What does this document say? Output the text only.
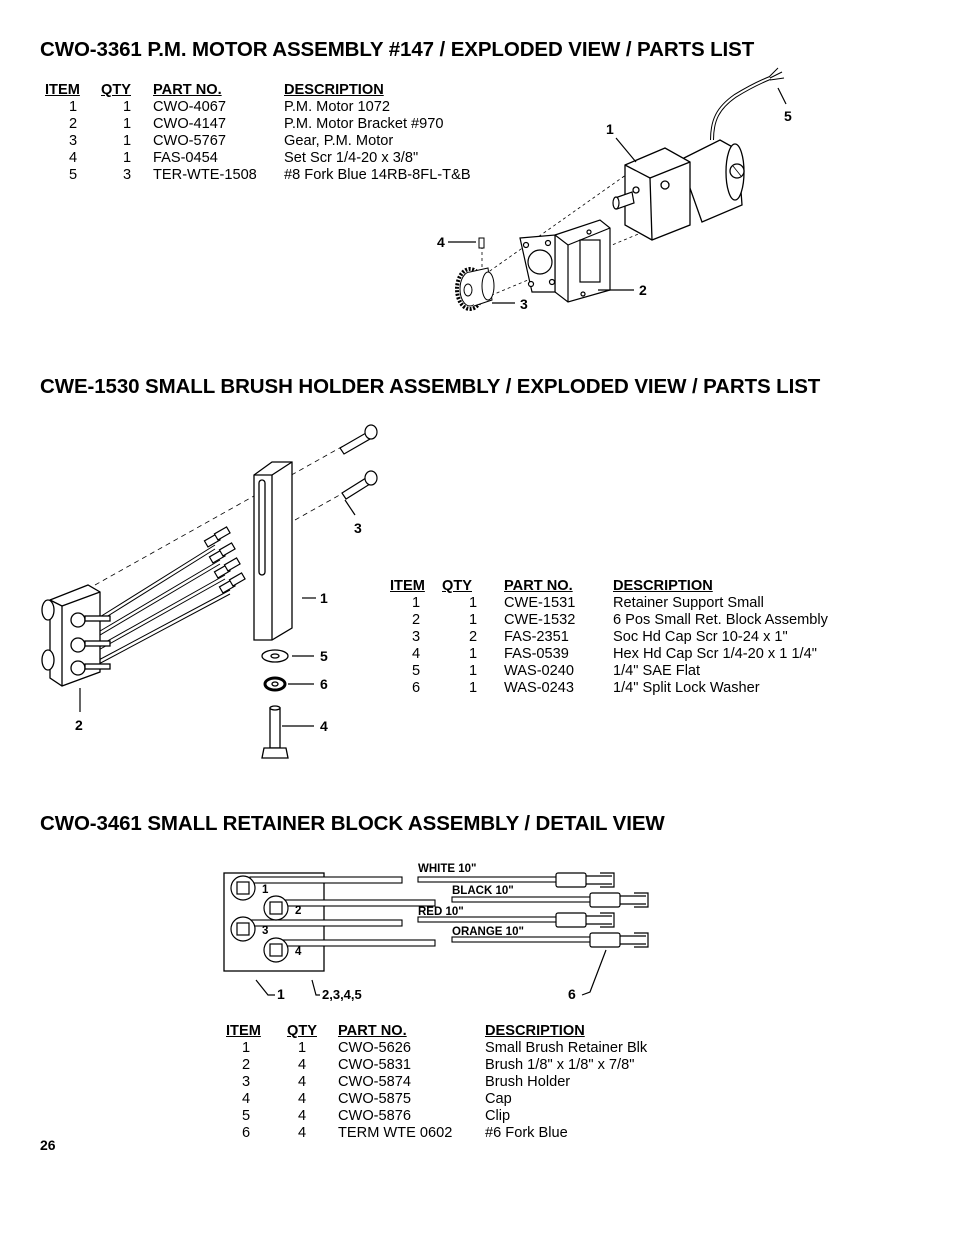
CWO-3361 P.M. MOTOR ASSEMBLY #147 / EXPLODED VIEW / PARTS LIST
ITEM	QTY	PART NO.	DESCRIPTION
1	1	CWO-4067	P.M. Motor 1072
2	1	CWO-4147	P.M. Motor Bracket #970
3	1	CWO-5767	Gear, P.M. Motor
4	1	FAS-0454	Set Scr 1/4-20 x 3/8"
5	3	TER-WTE-1508	#8 Fork Blue 14RB-8FL-T&B
1
2
3
4
5
CWE-1530 SMALL BRUSH HOLDER ASSEMBLY / EXPLODED VIEW / PARTS LIST
1
2
3
4
5
6
ITEM	QTY	PART NO.	DESCRIPTION
1	1	CWE-1531	Retainer Support Small
2	1	CWE-1532	6 Pos Small Ret. Block Assembly
3	2	FAS-2351	Soc Hd Cap Scr 10-24 x 1"
4	1	FAS-0539	Hex Hd Cap Scr 1/4-20 x 1 1/4"
5	1	WAS-0240	1/4" SAE Flat
6	1	WAS-0243	1/4" Split Lock Washer
CWO-3461 SMALL RETAINER BLOCK ASSEMBLY / DETAIL VIEW
1
2
3
4
WHITE 10"
BLACK 10"
RED 10"
ORANGE 10"
1	2,3,4,5	6
ITEM	QTY	PART NO.	DESCRIPTION
1	1	CWO-5626	Small Brush Retainer Blk
2	4	CWO-5831	Brush 1/8" x 1/8" x 7/8"
3	4	CWO-5874	Brush Holder
4	4	CWO-5875	Cap
5	4	CWO-5876	Clip
6	4	TERM WTE 0602	#6 Fork Blue
26
